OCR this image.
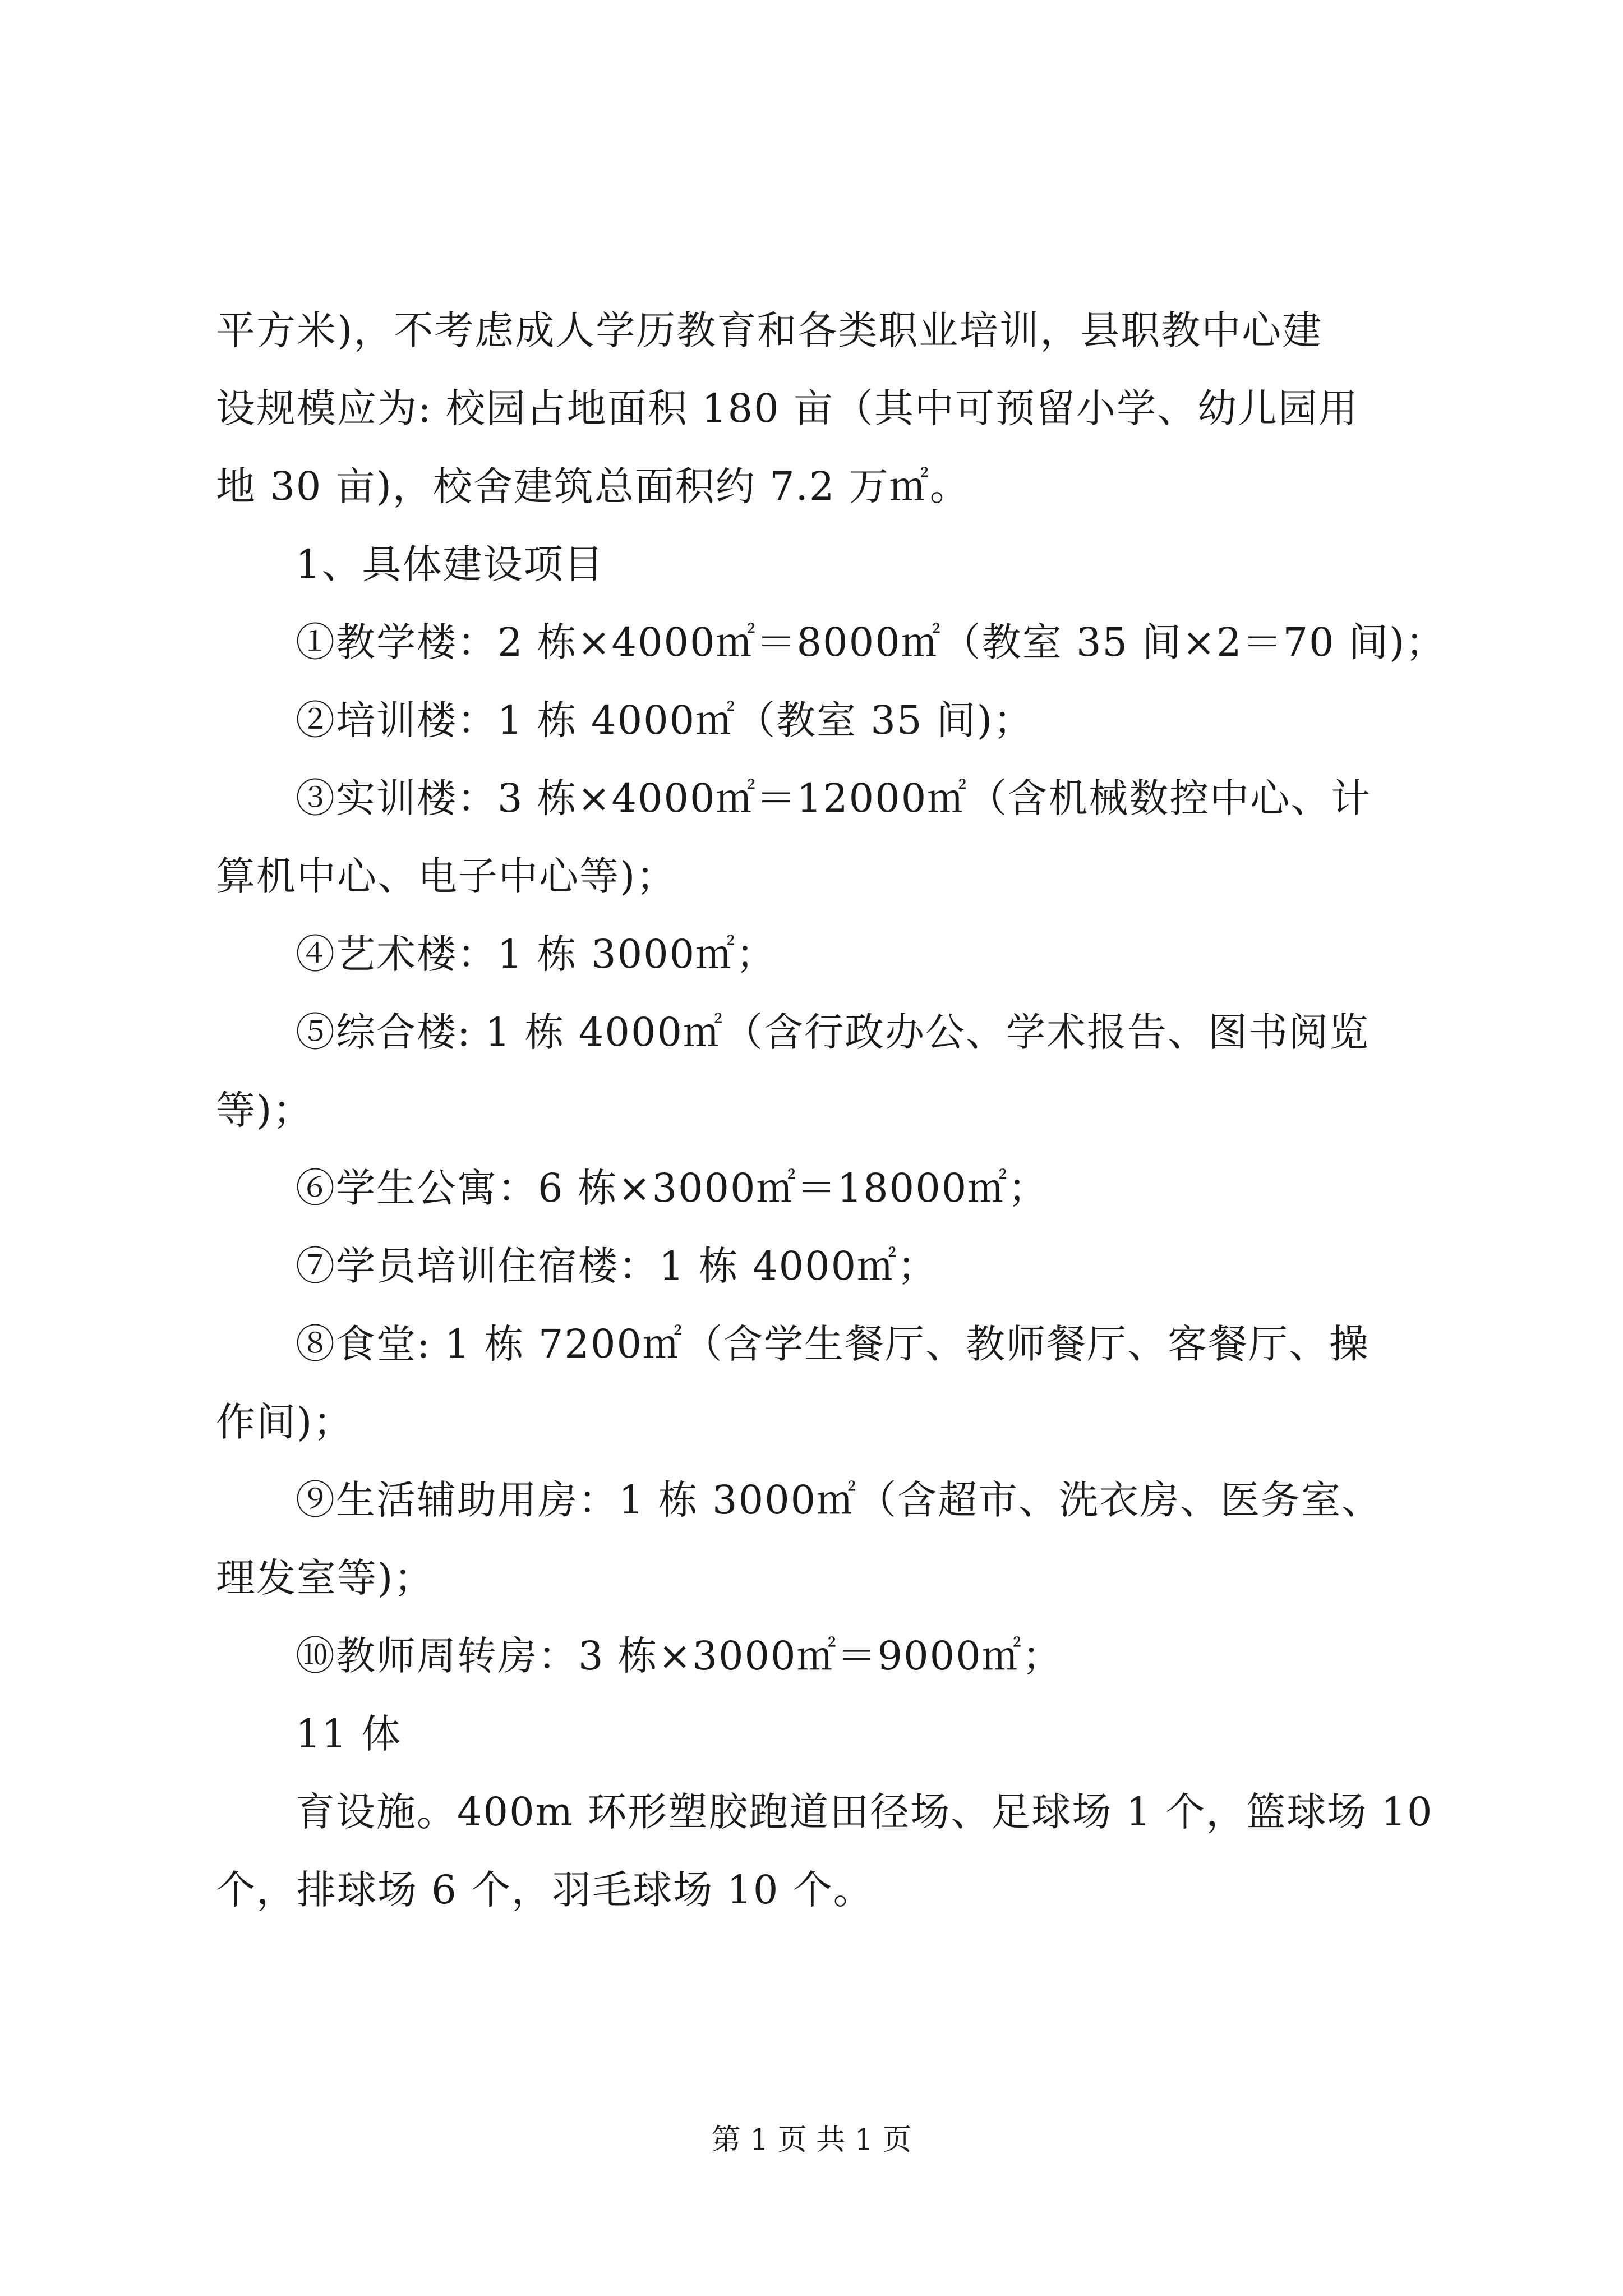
平方米)，不考虑成人学历教育和各类职业培训，县职教中心建
设规模应为: 校园占地面积 180 亩（其中可预留小学、幼儿园用
地 30 亩)，校舍建筑总面积约 7.2 万㎡。
1、具体建设项目
①教学楼：2 栋×4000㎡＝8000㎡（教室 35 间×2＝70 间)；
②培训楼：1 栋 4000㎡（教室 35 间)；
③实训楼：3 栋×4000㎡＝12000㎡（含机械数控中心、计
算机中心、电子中心等)；
④艺术楼：1 栋 3000㎡；
⑤综合楼: 1 栋 4000㎡（含行政办公、学术报告、图书阅览
等)；
⑥学生公寓：6 栋×3000㎡＝18000㎡；
⑦学员培训住宿楼：1 栋 4000㎡；
⑧食堂: 1 栋 7200㎡（含学生餐厅、教师餐厅、客餐厅、操
作间)；
⑨生活辅助用房：1 栋 3000㎡（含超市、洗衣房、医务室、
理发室等)；
⑩教师周转房：3 栋×3000㎡＝9000㎡；
11 体
育设施。400m 环形塑胶跑道田径场、足球场 1 个，篮球场 10
个，排球场 6 个，羽毛球场 10 个。
第 1 页 共 1 页
